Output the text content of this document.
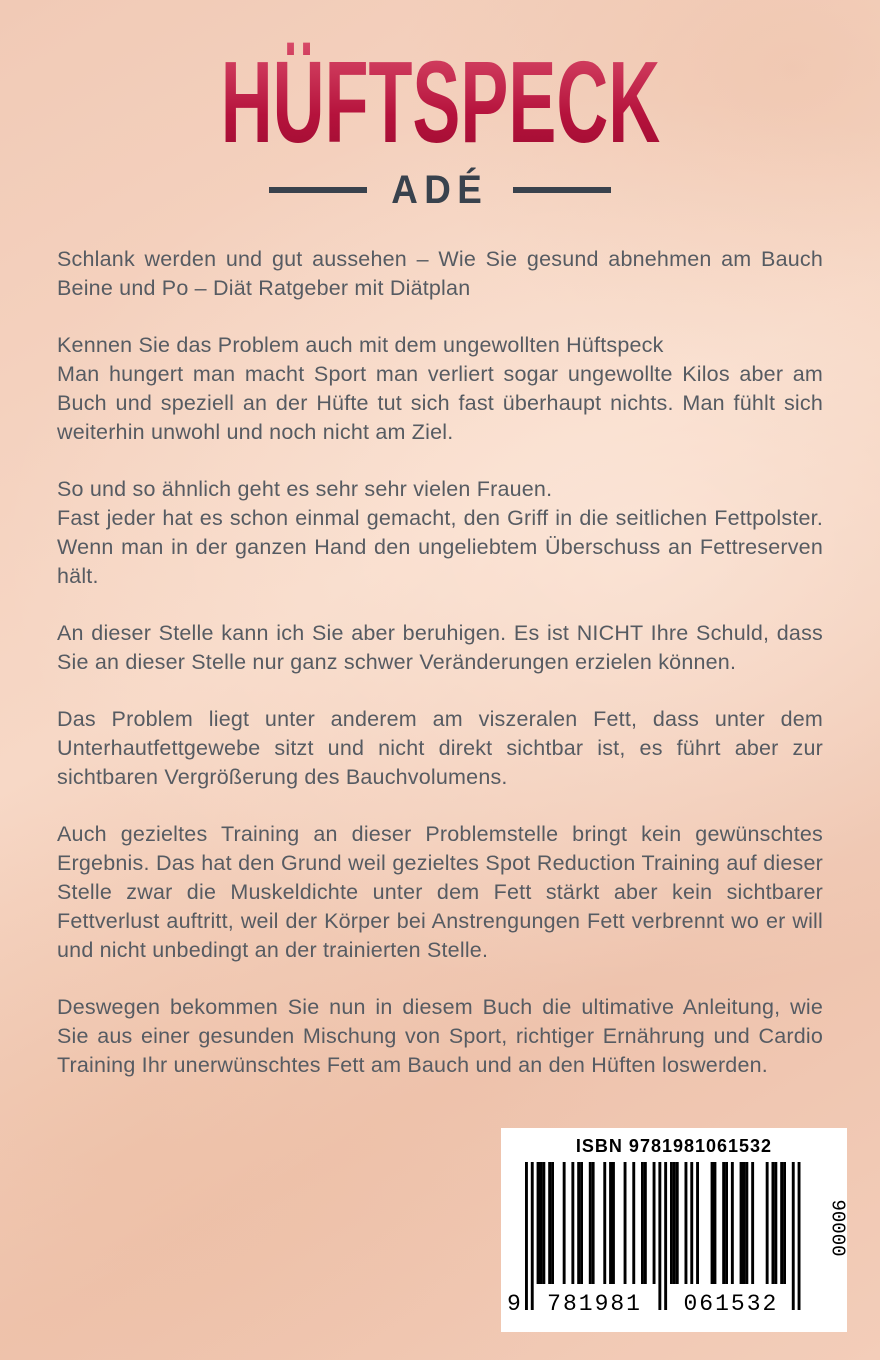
HÜFTSPECK
ADÉ

Schlank werden und gut aussehen – Wie Sie gesund abnehmen am Bauch Beine und Po – Diät Ratgeber mit Diätplan

Kennen Sie das Problem auch mit dem ungewollten Hüftspeck
Man hungert man macht Sport man verliert sogar ungewollte Kilos aber am Buch und speziell an der Hüfte tut sich fast überhaupt nichts. Man fühlt sich weiterhin unwohl und noch nicht am Ziel.

So und so ähnlich geht es sehr sehr vielen Frauen.
Fast jeder hat es schon einmal gemacht, den Griff in die seitlichen Fettpolster. Wenn man in der ganzen Hand den ungeliebtem Überschuss an Fettreserven hält.

An dieser Stelle kann ich Sie aber beruhigen. Es ist NICHT Ihre Schuld, dass Sie an dieser Stelle nur ganz schwer Veränderungen erzielen können.

Das Problem liegt unter anderem am viszeralen Fett, dass unter dem Unterhautfettgewebe sitzt und nicht direkt sichtbar ist, es führt aber zur sichtbaren Vergrößerung des Bauchvolumens.

Auch gezieltes Training an dieser Problemstelle bringt kein gewünschtes Ergebnis. Das hat den Grund weil gezieltes Spot Reduction Training auf dieser Stelle zwar die Muskeldichte unter dem Fett stärkt aber kein sichtbarer Fettverlust auftritt, weil der Körper bei Anstrengungen Fett verbrennt wo er will und nicht unbedingt an der trainierten Stelle.

Deswegen bekommen Sie nun in diesem Buch die ultimative Anleitung, wie Sie aus einer gesunden Mischung von Sport, richtiger Ernährung und Cardio Training Ihr unerwünschtes Fett am Bauch und an den Hüften loswerden.

ISBN 9781981061532
9 781981 061532
90000
